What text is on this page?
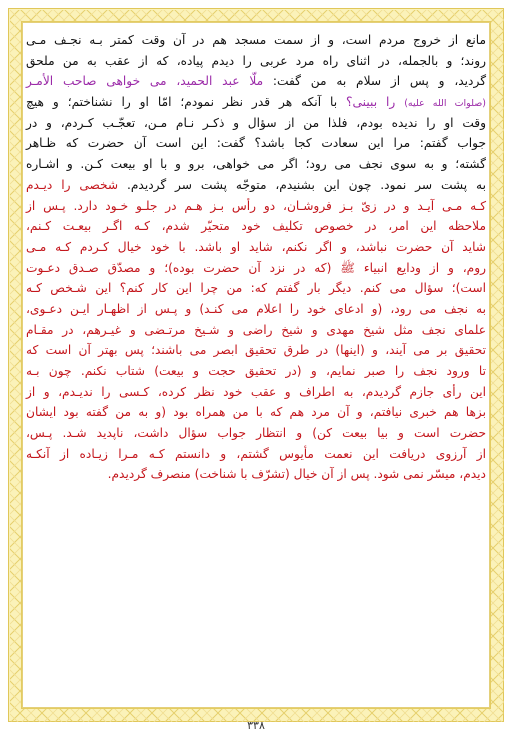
مانع از خروج مردم است، و از سمت مسجد هم در آن وقت کمتر بـه نجـف مـی
روند؛ و بالجمله، در اثنای راه مرد عربی را دیدم پیاده، که از عقب به من ملحق
گردید، و پس از سلام به من گفت: ملّا عبد الحمید، می خواهی صاحب الأمـر
(صلوات الله علیه) را ببینی؟ با آنکه هر قدر نظر نمودم؛ امّا او را نشناختم؛ و هیچ
وقت او را ندیده بودم، فلذا من از سؤال و ذکـر نـام مـن، تعجّـب کـردم، و در
جواب گفتم: مرا این سعادت کجا باشد؟ گفت: این است آن حضرت که ظـاهر
گشته؛ و به سوی نجف می رود؛ اگر می خواهی، برو و با او بیعت کـن. و اشـاره
به پشت سر نمود. چون این بشنیدم، متوجّه پشت سر گردیدم. شخصی را دیـدم
کـه مـی آیـد و در زیّ بـز فروشـان، دو رأس بـز هـم در جلـو خـود دارد. پـس از
ملاحظه این امر، در خصوص تکلیف خود متحیّر شدم، کـه اگـر بیعـت کـنم،
شاید آن حضرت نباشد، و اگر نکنم، شاید او باشد. با خود خیال کـردم کـه مـی
روم، و از ودایع انبیاء ﷺ (که در نزد آن حضرت بوده)؛ و مصدّق صـدق دعـوت
است)؛ سؤال می کنم. دیگر بار گفتم که: من چرا این کار کنم؟ این شـخص کـه
به نجف می رود، (و ادعای خود را اعلام می کنـد) و پـس از اظهـار ایـن دعـوی،
علمای نجف مثل شیخ مهدی و شیخ راضی و شـیخ مرتـضی و غیـرهم، در مقـام
تحقیق بر می آیند، و (اینها) در طرق تحقیق ابصر می باشند؛ پس بهتر آن است که
تا ورود نجف را صبر نمایم، و (در تحقیق حجت و بیعت) شتاب نکنم. چون بـه
این رأی جازم گردیدم، به اطراف و عقب خود نظر کرده، کـسی را ندیـدم، و از
بزها هم خبری نیافتم، و آن مرد هم که با من همراه بود (و به من گفته بود ایشان
حضرت است و بیا بیعت کن) و انتظار جواب سؤال داشت، ناپدید شـد. پـس،
از آرزوی دریافت این نعمت مأیوس گشتم، و دانستم کـه مـرا زیـاده از آنکـه
دیدم، میسّر نمی شود. پس از آن خیال (تشرّف با شناخت) منصرف گردیدم.
۳۳۸
